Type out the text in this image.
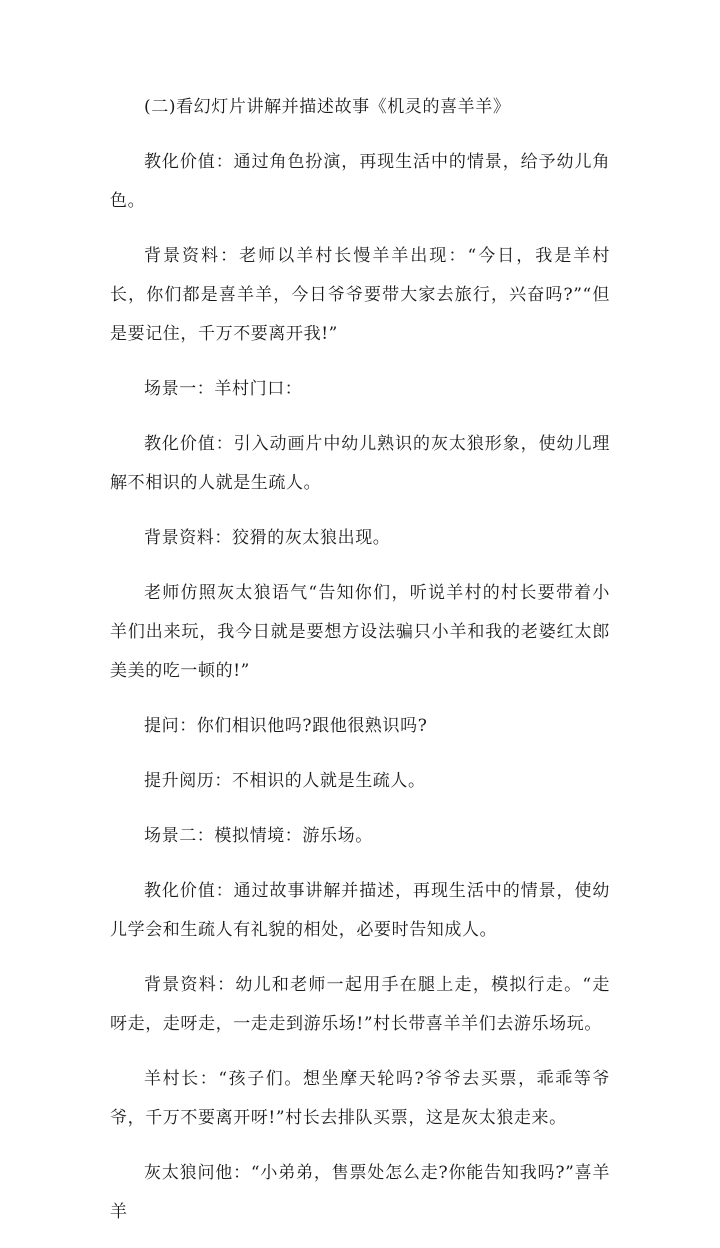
(二)看幻灯片讲解并描述故事《机灵的喜羊羊》

教化价值：通过角色扮演，再现生活中的情景，给予幼儿角色。

背景资料：老师以羊村长慢羊羊出现：“今日，我是羊村长，你们都是喜羊羊，今日爷爷要带大家去旅行，兴奋吗?”“但是要记住，千万不要离开我!”

场景一：羊村门口：

教化价值：引入动画片中幼儿熟识的灰太狼形象，使幼儿理解不相识的人就是生疏人。

背景资料：狡猾的灰太狼出现。

老师仿照灰太狼语气“告知你们，听说羊村的村长要带着小羊们出来玩，我今日就是要想方设法骗只小羊和我的老婆红太郎美美的吃一顿的!”

提问：你们相识他吗?跟他很熟识吗?

提升阅历：不相识的人就是生疏人。

场景二：模拟情境：游乐场。

教化价值：通过故事讲解并描述，再现生活中的情景，使幼儿学会和生疏人有礼貌的相处，必要时告知成人。

背景资料：幼儿和老师一起用手在腿上走，模拟行走。“走呀走，走呀走，一走走到游乐场!”村长带喜羊羊们去游乐场玩。

羊村长：“孩子们。想坐摩天轮吗?爷爷去买票，乖乖等爷爷，千万不要离开呀!”村长去排队买票，这是灰太狼走来。

灰太狼问他：“小弟弟，售票处怎么走?你能告知我吗?”喜羊羊
